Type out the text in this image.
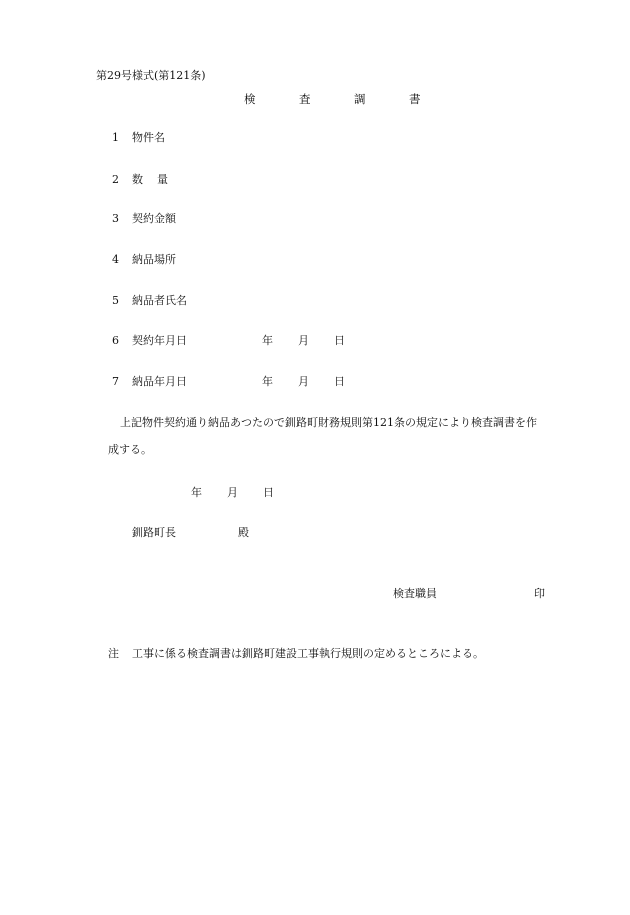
第29号様式(第121条)
検	査	調	書
1 物件名
2 数 量
3 契約金額
4 納品場所
5 納品者氏名
6 契約年月日	年 月 日
7 納品年月日	年 月 日
上記物件契約通り納品あつたので釧路町財務規則第121条の規定により検査調書を作
成する。
年 月 日
釧路町長	殿
検査職員	印
注 工事に係る検査調書は釧路町建設工事執行規則の定めるところによる。
